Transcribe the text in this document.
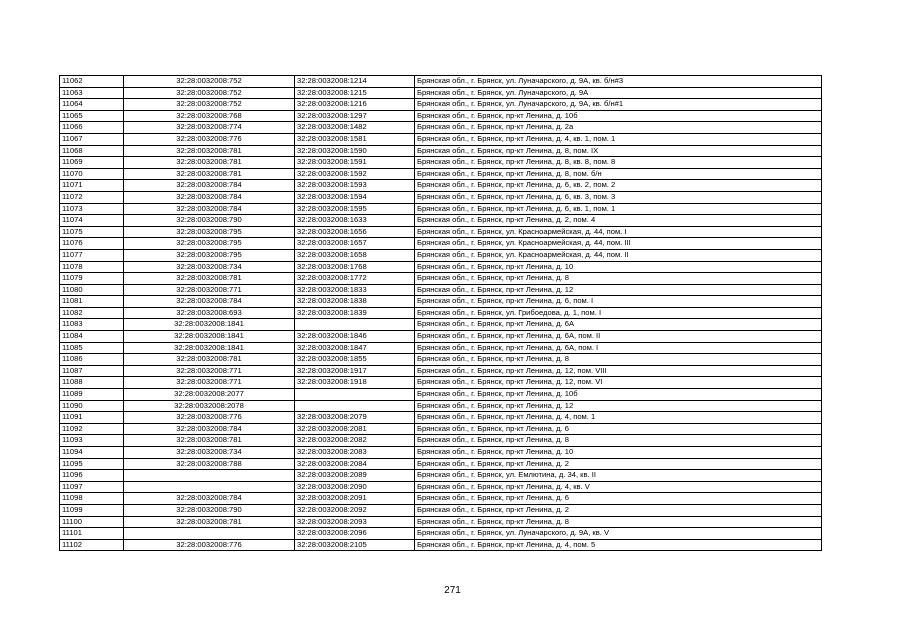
11062	32:28:0032008:752	32:28:0032008:1214	Брянская обл., г. Брянск, ул. Луначарского, д. 9А, кв. б/н#3
11063	32:28:0032008:752	32:28:0032008:1215	Брянская обл., г. Брянск, ул. Луначарского, д. 9А
11064	32:28:0032008:752	32:28:0032008:1216	Брянская обл., г. Брянск, ул. Луначарского, д. 9А, кв. б/н#1
11065	32:28:0032008:768	32:28:0032008:1297	Брянская обл., г. Брянск, пр-кт Ленина, д. 10б
11066	32:28:0032008:774	32:28:0032008:1482	Брянская обл., г. Брянск, пр-кт Ленина, д. 2а
11067	32:28:0032008:776	32:28:0032008:1581	Брянская обл., г. Брянск, пр-кт Ленина, д. 4, кв. 1, пом. 1
11068	32:28:0032008:781	32:28:0032008:1590	Брянская обл., г. Брянск, пр-кт Ленина, д. 8, пом. IX
11069	32:28:0032008:781	32:28:0032008:1591	Брянская обл., г. Брянск, пр-кт Ленина, д. 8, кв. 8, пом. 8
11070	32:28:0032008:781	32:28:0032008:1592	Брянская обл., г. Брянск, пр-кт Ленина, д. 8, пом. б/н
11071	32:28:0032008:784	32:28:0032008:1593	Брянская обл., г. Брянск, пр-кт Ленина, д. 6, кв. 2, пом. 2
11072	32:28:0032008:784	32:28:0032008:1594	Брянская обл., г. Брянск, пр-кт Ленина, д. 6, кв. 3, пом. 3
11073	32:28:0032008:784	32:28:0032008:1595	Брянская обл., г. Брянск, пр-кт Ленина, д. 6, кв. 1, пом. 1
11074	32:28:0032008:790	32:28:0032008:1633	Брянская обл., г. Брянск, пр-кт Ленина, д. 2, пом. 4
11075	32:28:0032008:795	32:28:0032008:1656	Брянская обл., г. Брянск, ул. Красноармейская, д. 44, пом. I
11076	32:28:0032008:795	32:28:0032008:1657	Брянская обл., г. Брянск, ул. Красноармейская, д. 44, пом. III
11077	32:28:0032008:795	32:28:0032008:1658	Брянская обл., г. Брянск, ул. Красноармейская, д. 44, пом. II
11078	32:28:0032008:734	32:28:0032008:1768	Брянская обл., г. Брянск, пр-кт Ленина, д. 10
11079	32:28:0032008:781	32:28:0032008:1772	Брянская обл., г. Брянск, пр-кт Ленина, д. 8
11080	32:28:0032008:771	32:28:0032008:1833	Брянская обл., г. Брянск, пр-кт Ленина, д. 12
11081	32:28:0032008:784	32:28:0032008:1838	Брянская обл., г. Брянск, пр-кт Ленина, д. 6, пом. I
11082	32:28:0032008:693	32:28:0032008:1839	Брянская обл., г. Брянск, ул. Грибоедова, д. 1, пом. I
11083	32:28:0032008:1841		Брянская обл., г. Брянск, пр-кт Ленина, д. 6А
11084	32:28:0032008:1841	32:28:0032008:1846	Брянская обл., г. Брянск, пр-кт Ленина, д. 6А, пом. II
11085	32:28:0032008:1841	32:28:0032008:1847	Брянская обл., г. Брянск, пр-кт Ленина, д. 6А, пом. I
11086	32:28:0032008:781	32:28:0032008:1855	Брянская обл., г. Брянск, пр-кт Ленина, д. 8
11087	32:28:0032008:771	32:28:0032008:1917	Брянская обл., г. Брянск, пр-кт Ленина, д. 12, пом. VIII
11088	32:28:0032008:771	32:28:0032008:1918	Брянская обл., г. Брянск, пр-кт Ленина, д. 12, пом. VI
11089	32:28:0032008:2077		Брянская обл., г. Брянск, пр-кт Ленина, д. 10б
11090	32:28:0032008:2078		Брянская обл., г. Брянск, пр-кт Ленина, д. 12
11091	32:28:0032008:776	32:28:0032008:2079	Брянская обл., г. Брянск, пр-кт Ленина, д. 4, пом. 1
11092	32:28:0032008:784	32:28:0032008:2081	Брянская обл., г. Брянск, пр-кт Ленина, д. 6
11093	32:28:0032008:781	32:28:0032008:2082	Брянская обл., г. Брянск, пр-кт Ленина, д. 8
11094	32:28:0032008:734	32:28:0032008:2083	Брянская обл., г. Брянск, пр-кт Ленина, д. 10
11095	32:28:0032008:788	32:28:0032008:2084	Брянская обл., г. Брянск, пр-кт Ленина, д. 2
11096		32:28:0032008:2089	Брянская обл., г. Брянск, ул. Емлютина, д. 34, кв. II
11097		32:28:0032008:2090	Брянская обл., г. Брянск, пр-кт Ленина, д. 4, кв. V
11098	32:28:0032008:784	32:28:0032008:2091	Брянская обл., г. Брянск, пр-кт Ленина, д. 6
11099	32:28:0032008:790	32:28:0032008:2092	Брянская обл., г. Брянск, пр-кт Ленина, д. 2
11100	32:28:0032008:781	32:28:0032008:2093	Брянская обл., г. Брянск, пр-кт Ленина, д. 8
11101		32:28:0032008:2096	Брянская обл., г. Брянск, ул. Луначарского, д. 9А, кв. V
11102	32:28:0032008:776	32:28:0032008:2105	Брянская обл., г. Брянск, пр-кт Ленина, д. 4, пом. 5
271
